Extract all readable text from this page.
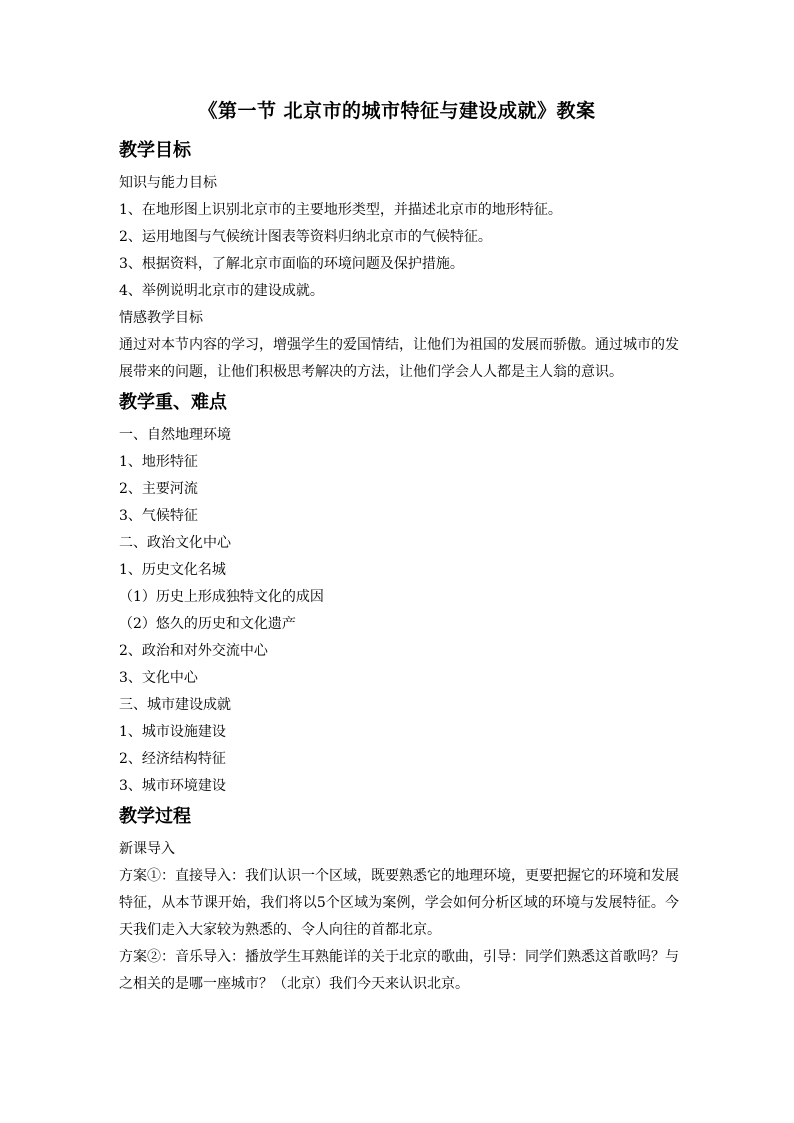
《第一节 北京市的城市特征与建设成就》教案
教学目标
知识与能力目标
1、在地形图上识别北京市的主要地形类型，并描述北京市的地形特征。
2、运用地图与气候统计图表等资料归纳北京市的气候特征。
3、根据资料，了解北京市面临的环境问题及保护措施。
4、举例说明北京市的建设成就。
情感教学目标
通过对本节内容的学习，增强学生的爱国情结，让他们为祖国的发展而骄傲。通过城市的发展带来的问题，让他们积极思考解决的方法，让他们学会人人都是主人翁的意识。
教学重、难点
一、自然地理环境
1、地形特征
2、主要河流
3、气候特征
二、政治文化中心
1、历史文化名城
（1）历史上形成独特文化的成因
（2）悠久的历史和文化遗产
2、政治和对外交流中心
3、文化中心
三、城市建设成就
1、城市设施建设
2、经济结构特征
3、城市环境建设
教学过程
新课导入
方案①：直接导入：我们认识一个区域，既要熟悉它的地理环境，更要把握它的环境和发展特征，从本节课开始，我们将以5个区域为案例，学会如何分析区域的环境与发展特征。今天我们走入大家较为熟悉的、令人向往的首都北京。
方案②：音乐导入：播放学生耳熟能详的关于北京的歌曲，引导：同学们熟悉这首歌吗？与之相关的是哪一座城市？（北京）我们今天来认识北京。
